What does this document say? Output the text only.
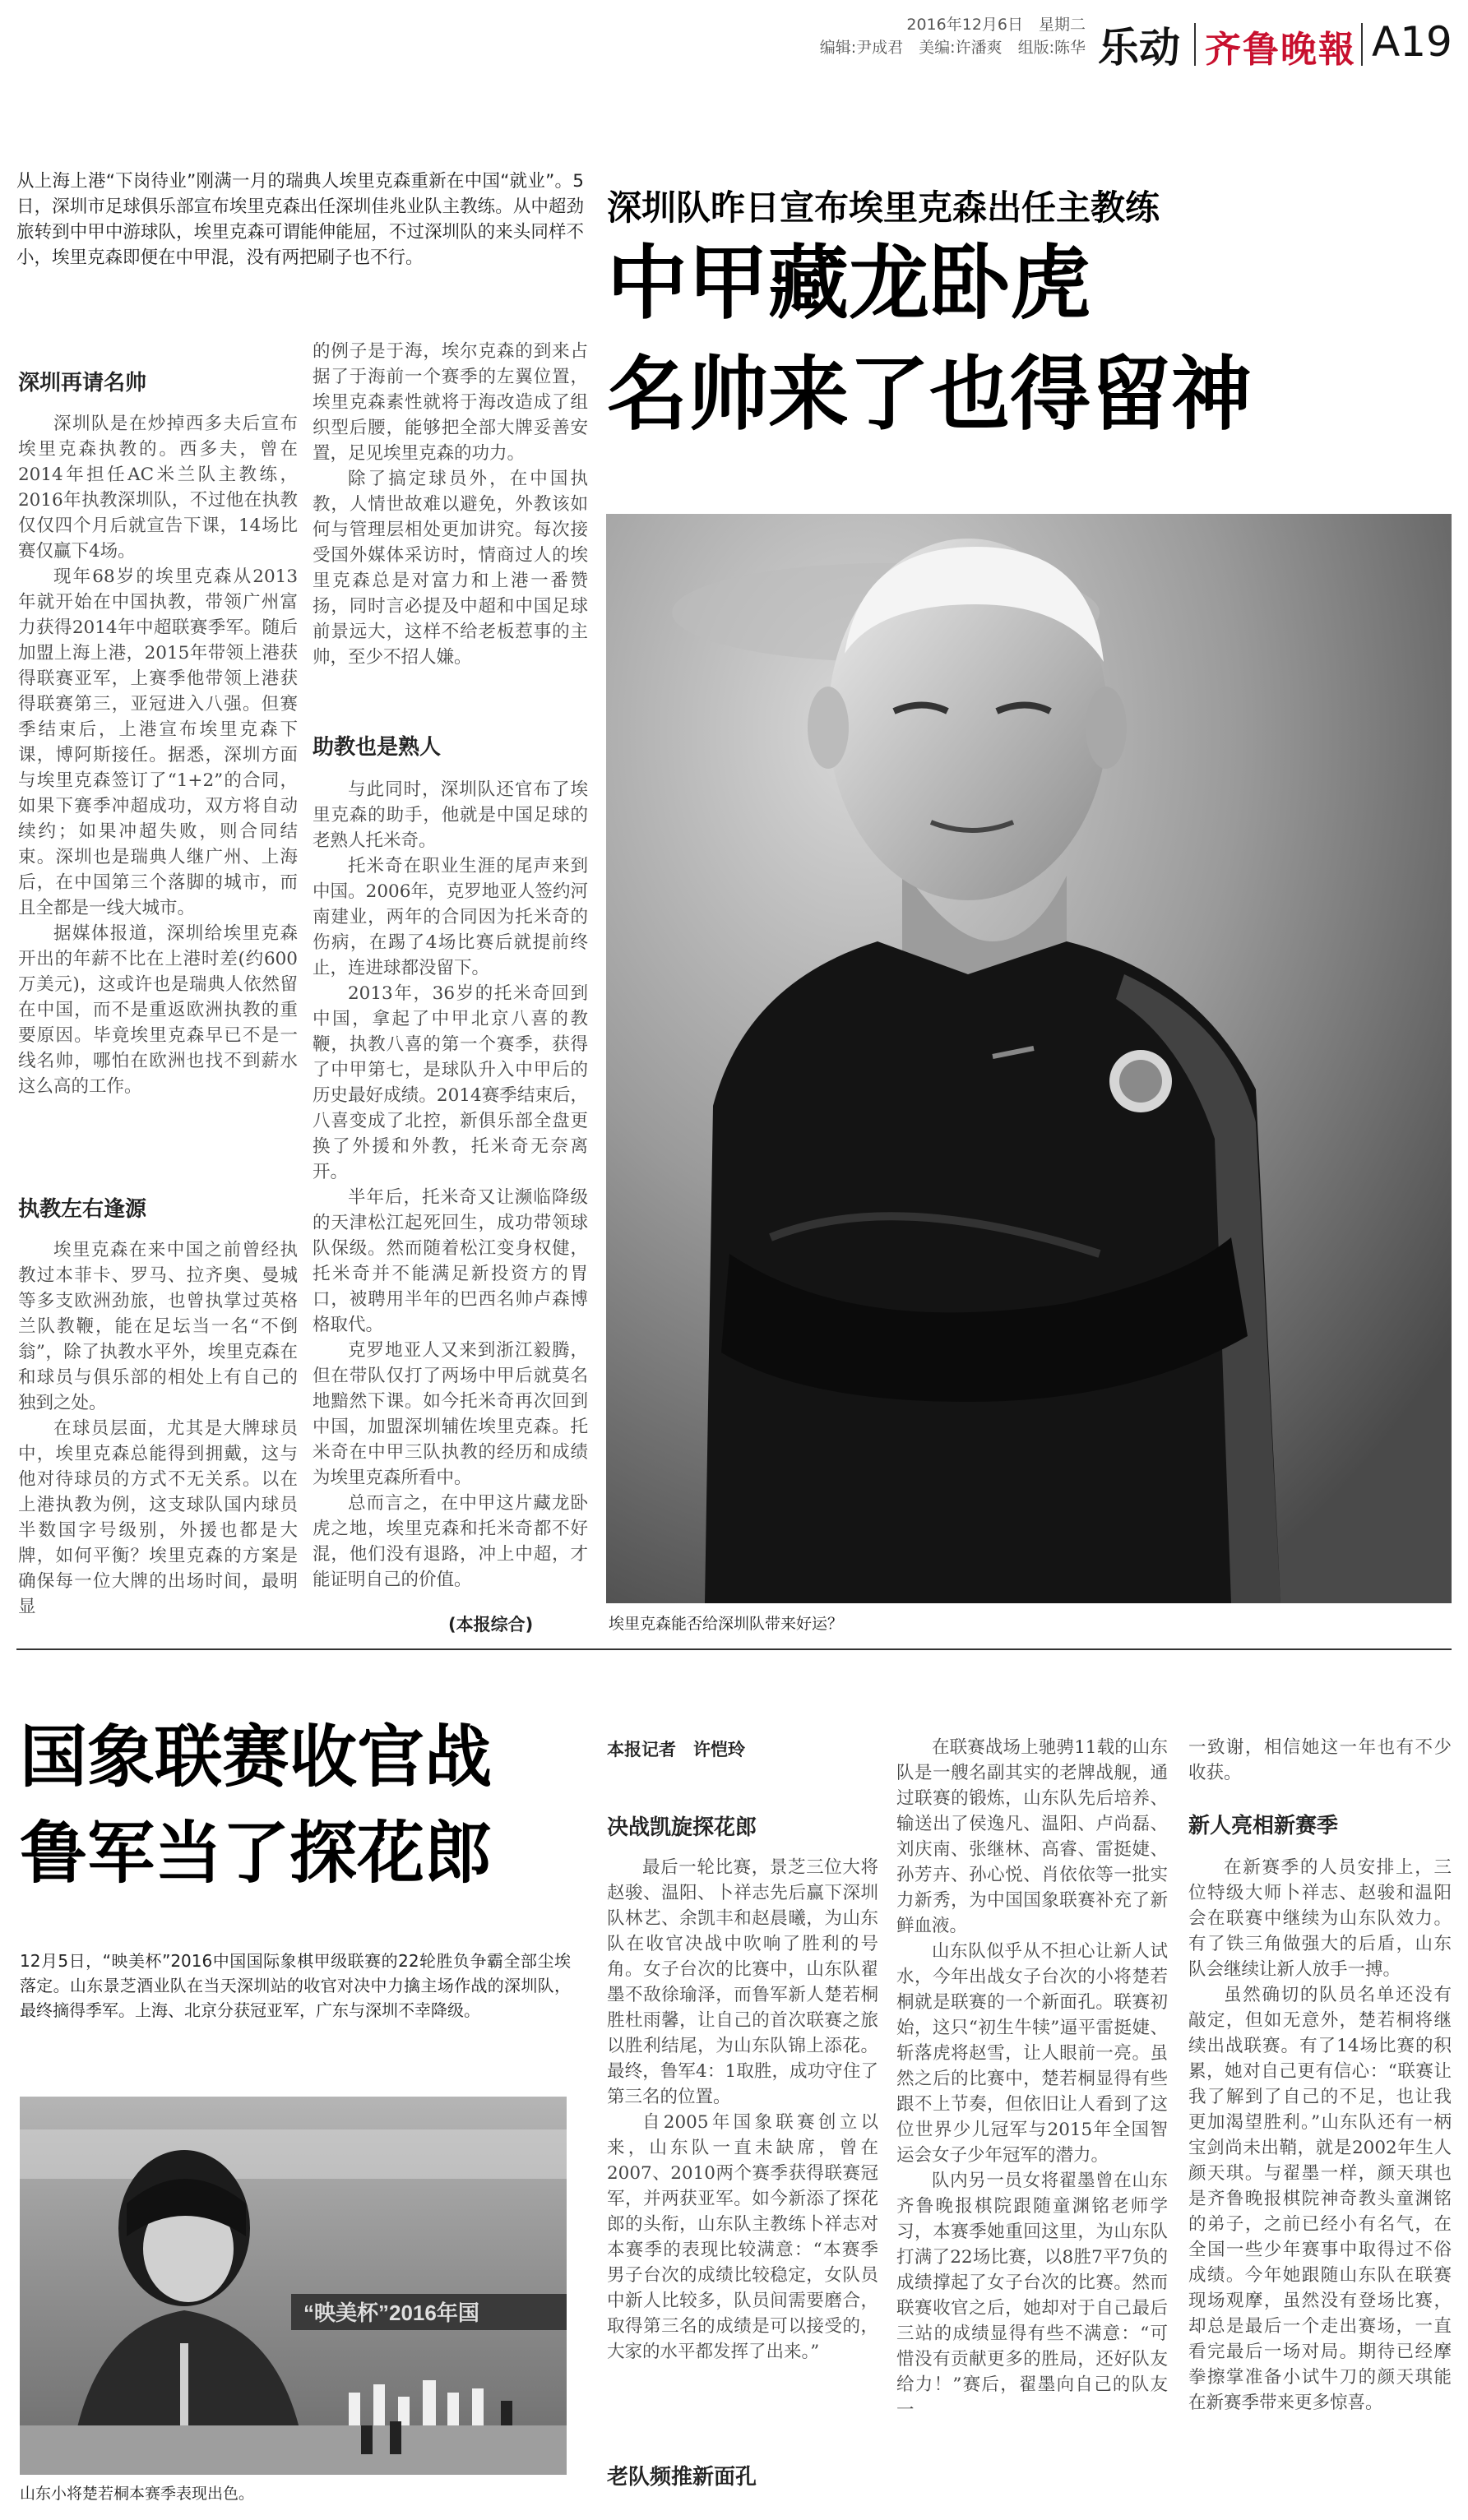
2016年12月6日　星期二
编辑:尹成君　美编:许潘爽　组版:陈华 乐动 齐鲁晚報 A19
从上海上港“下岗待业”刚满一月的瑞典人埃里克森重新在中国“就业”。5日，深圳市足球俱乐部宣布埃里克森出任深圳佳兆业队主教练。从中超劲旅转到中甲中游球队，埃里克森可谓能伸能屈，不过深圳队的来头同样不小，埃里克森即便在中甲混，没有两把刷子也不行。
深圳队昨日宣布埃里克森出任主教练
中甲藏龙卧虎
名帅来了也得留神
深圳再请名帅

深圳队是在炒掉西多夫后宣布埃里克森执教的。西多夫，曾在2014年担任AC米兰队主教练，2016年执教深圳队，不过他在执教仅仅四个月后就宣告下课，14场比赛仅赢下4场。

现年68岁的埃里克森从2013年就开始在中国执教，带领广州富力获得2014年中超联赛季军。随后加盟上海上港，2015年带领上港获得联赛亚军，上赛季他带领上港获得联赛第三，亚冠进入八强。但赛季结束后，上港宣布埃里克森下课，博阿斯接任。据悉，深圳方面与埃里克森签订了“1+2”的合同，如果下赛季冲超成功，双方将自动续约；如果冲超失败，则合同结束。深圳也是瑞典人继广州、上海后，在中国第三个落脚的城市，而且全都是一线大城市。

据媒体报道，深圳给埃里克森开出的年薪不比在上港时差(约600万美元)，这或许也是瑞典人依然留在中国，而不是重返欧洲执教的重要原因。毕竟埃里克森早已不是一线名帅，哪怕在欧洲也找不到薪水这么高的工作。

执教左右逢源

埃里克森在来中国之前曾经执教过本菲卡、罗马、拉齐奥、曼城等多支欧洲劲旅，也曾执掌过英格兰队教鞭，能在足坛当一名“不倒翁”，除了执教水平外，埃里克森在和球员与俱乐部的相处上有自己的独到之处。

在球员层面，尤其是大牌球员中，埃里克森总能得到拥戴，这与他对待球员的方式不无关系。以在上港执教为例，这支球队国内球员半数国字号级别，外援也都是大牌，如何平衡？埃里克森的方案是确保每一位大牌的出场时间，最明显

的例子是于海，埃尔克森的到来占据了于海前一个赛季的左翼位置，埃里克森素性就将于海改造成了组织型后腰，能够把全部大牌妥善安置，足见埃里克森的功力。

除了搞定球员外，在中国执教，人情世故难以避免，外教该如何与管理层相处更加讲究。每次接受国外媒体采访时，情商过人的埃里克森总是对富力和上港一番赞扬，同时言必提及中超和中国足球前景远大，这样不给老板惹事的主帅，至少不招人嫌。

助教也是熟人

与此同时，深圳队还官布了埃里克森的助手，他就是中国足球的老熟人托米奇。

托米奇在职业生涯的尾声来到中国。2006年，克罗地亚人签约河南建业，两年的合同因为托米奇的伤病，在踢了4场比赛后就提前终止，连进球都没留下。

2013年，36岁的托米奇回到中国，拿起了中甲北京八喜的教鞭，执教八喜的第一个赛季，获得了中甲第七，是球队升入中甲后的历史最好成绩。2014赛季结束后，八喜变成了北控，新俱乐部全盘更换了外援和外教，托米奇无奈离开。

半年后，托米奇又让濒临降级的天津松江起死回生，成功带领球队保级。然而随着松江变身权健，托米奇并不能满足新投资方的胃口，被聘用半年的巴西名帅卢森博格取代。

克罗地亚人又来到浙江毅腾，但在带队仅打了两场中甲后就莫名地黯然下课。如今托米奇再次回到中国，加盟深圳辅佐埃里克森。托米奇在中甲三队执教的经历和成绩为埃里克森所看中。

总而言之，在中甲这片藏龙卧虎之地，埃里克森和托米奇都不好混，他们没有退路，冲上中超，才能证明自己的价值。

(本报综合)	埃里克森能否给深圳队带来好运？
国象联赛收官战
鲁军当了探花郎
12月5日，“映美杯”2016中国国际象棋甲级联赛的22轮胜负争霸全部尘埃落定。山东景芝酒业队在当天深圳站的收官对决中力擒主场作战的深圳队，最终摘得季军。上海、北京分获冠亚军，广东与深圳不幸降级。
“映美杯”2016年国
山东小将楚若桐本赛季表现出色。
本报记者　许恺玲
决战凯旋探花郎

最后一轮比赛，景芝三位大将赵骏、温阳、卜祥志先后赢下深圳队林艺、余凯丰和赵晨曦，为山东队在收官决战中吹响了胜利的号角。女子台次的比赛中，山东队翟墨不敌徐瑜泽，而鲁军新人楚若桐胜杜雨馨，让自己的首次联赛之旅以胜利结尾，为山东队锦上添花。最终，鲁军4：1取胜，成功守住了第三名的位置。

自2005年国象联赛创立以来，山东队一直未缺席，曾在2007、2010两个赛季获得联赛冠军，并两获亚军。如今新添了探花郎的头衔，山东队主教练卜祥志对本赛季的表现比较满意：“本赛季男子台次的成绩比较稳定，女队员中新人比较多，队员间需要磨合，取得第三名的成绩是可以接受的，大家的水平都发挥了出来。”

老队频推新面孔

在联赛战场上驰骋11载的山东队是一艘名副其实的老牌战舰，通过联赛的锻炼，山东队先后培养、输送出了侯逸凡、温阳、卢尚磊、刘庆南、张继林、高睿、雷挺婕、孙芳卉、孙心悦、肖依依等一批实力新秀，为中国国象联赛补充了新鲜血液。

山东队似乎从不担心让新人试水，今年出战女子台次的小将楚若桐就是联赛的一个新面孔。联赛初始，这只“初生牛犊”逼平雷挺婕、斩落虎将赵雪，让人眼前一亮。虽然之后的比赛中，楚若桐显得有些跟不上节奏，但依旧让人看到了这位世界少儿冠军与2015年全国智运会女子少年冠军的潜力。

队内另一员女将翟墨曾在山东齐鲁晚报棋院跟随童渊铭老师学习，本赛季她重回这里，为山东队打满了22场比赛，以8胜7平7负的成绩撑起了女子台次的比赛。然而联赛收官之后，她却对于自己最后三站的成绩显得有些不满意：“可惜没有贡献更多的胜局，还好队友给力！”赛后，翟墨向自己的队友一

一致谢，相信她这一年也有不少收获。

新人亮相新赛季

在新赛季的人员安排上，三位特级大师卜祥志、赵骏和温阳会在联赛中继续为山东队效力。有了铁三角做强大的后盾，山东队会继续让新人放手一搏。

虽然确切的队员名单还没有敲定，但如无意外，楚若桐将继续出战联赛。有了14场比赛的积累，她对自己更有信心：“联赛让我了解到了自己的不足，也让我更加渴望胜利。”山东队还有一柄宝剑尚未出鞘，就是2002年生人颜天琪。与翟墨一样，颜天琪也是齐鲁晚报棋院神奇教头童渊铭的弟子，之前已经小有名气，在全国一些少年赛事中取得过不俗成绩。今年她跟随山东队在联赛现场观摩，虽然没有登场比赛，却总是最后一个走出赛场，一直看完最后一场对局。期待已经摩拳擦掌准备小试牛刀的颜天琪能在新赛季带来更多惊喜。
